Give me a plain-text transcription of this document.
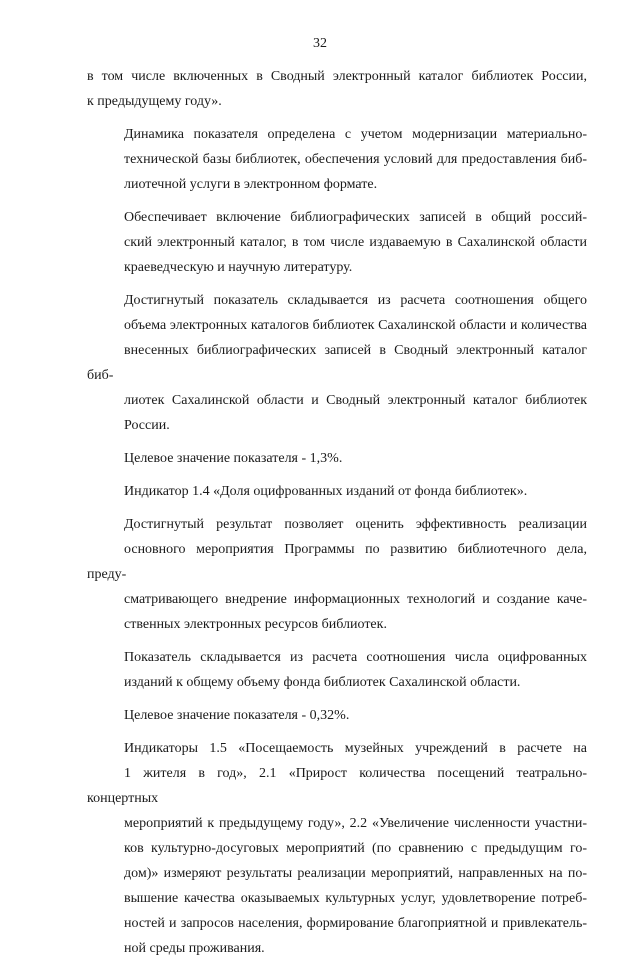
32

в том числе включенных в Сводный электронный каталог библиотек России,
к предыдущему году».

Динамика показателя определена с учетом модернизации материально-
технической базы библиотек, обеспечения условий для предоставления биб-
лиотечной услуги в электронном формате.

Обеспечивает включение библиографических записей в общий россий-
ский электронный каталог, в том числе издаваемую в Сахалинской области
краеведческую и научную литературу.

Достигнутый показатель складывается из расчета соотношения общего
объема электронных каталогов библиотек Сахалинской области и количества
внесенных библиографических записей в Сводный электронный каталог биб-
лиотек Сахалинской области и Сводный электронный каталог библиотек
России.

Целевое значение показателя - 1,3%.

Индикатор 1.4 «Доля оцифрованных изданий от фонда библиотек».

Достигнутый результат позволяет оценить эффективность реализации
основного мероприятия Программы по развитию библиотечного дела, преду-
сматривающего внедрение информационных технологий и создание каче-
ственных электронных ресурсов библиотек.

Показатель складывается из расчета соотношения числа оцифрованных
изданий к общему объему фонда библиотек Сахалинской области.

Целевое значение показателя - 0,32%.

Индикаторы 1.5 «Посещаемость музейных учреждений в расчете на
1 жителя в год», 2.1 «Прирост количества посещений театрально-концертных
мероприятий к предыдущему году», 2.2 «Увеличение численности участни-
ков культурно-досуговых мероприятий (по сравнению с предыдущим го-
дом)» измеряют результаты реализации мероприятий, направленных на по-
вышение качества оказываемых культурных услуг, удовлетворение потреб-
ностей и запросов населения, формирование благоприятной и привлекатель-
ной среды проживания.
